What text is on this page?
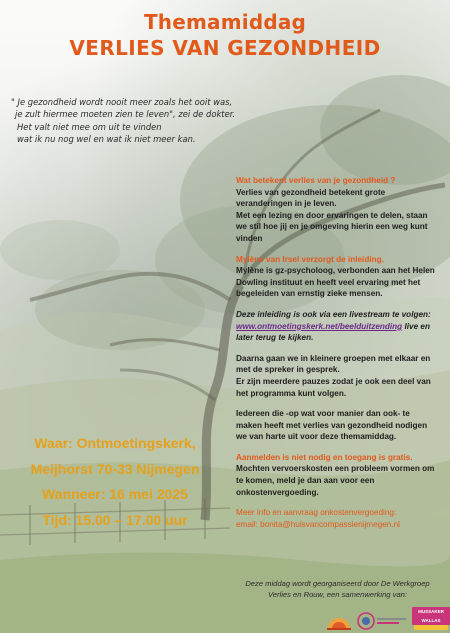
Themamiddag
VERLIES VAN GEZONDHEID
" Je gezondheid wordt nooit meer zoals het ooit was,
je zult hiermee moeten zien te leven", zei de dokter.
Het valt niet mee om uit te vinden
wat ik nu nog wel en wat ik niet meer kan.
Wat betekent verlies van je gezondheid ?
Verlies van gezondheid betekent grote
veranderingen in je leven.
Met een lezing en door ervaringen te delen, staan
we stil hoe jij en je omgeving hierin een weg kunt
vinden
Mylène van Irsel verzorgt de inleiding.
Mylène is gz-psycholoog, verbonden aan het Helen
Dowling instituut en heeft veel ervaring met het
begeleiden van ernstig zieke mensen.
Deze inleiding is ook via een livestream te volgen:
www.ontmoetingskerk.net/beelduitzending live en
later terug te kijken.
Daarna gaan we in kleinere groepen met elkaar en
met de spreker in gesprek.
Er zijn meerdere pauzes zodat je ook een deel van
het programma kunt volgen.
Iedereen die -op wat voor manier dan ook- te
maken heeft met verlies van gezondheid nodigen
we van harte uit voor deze themamiddag.
Aanmelden is niet nodig en toegang is gratis.
Mochten vervoerskosten een probleem vormen om
te komen, meld je dan aan voor een
onkostenvergoeding.
Meer info en aanvraag onkostenvergoeding:
email: bonita@huisvancompassienijmegen.nl
Waar: Ontmoetingskerk,
Meijhorst 70-33 Nijmegen
Wanneer: 16 mei 2025
Tijd: 15.00 – 17.00 uur
Deze middag wordt georganiseerd door De Werkgroep
Verlies en Rouw, een samenwerking van:
MUSSAKER
WALLAS
